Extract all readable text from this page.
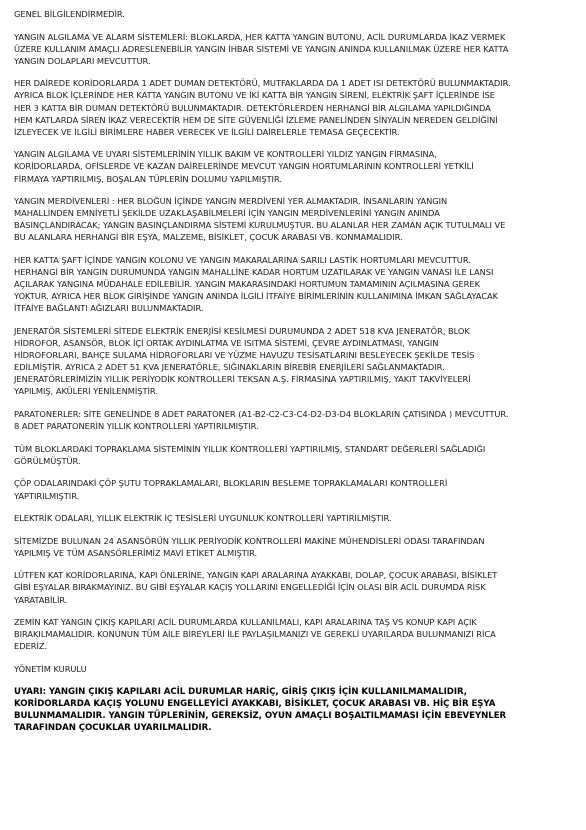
GENEL BİLGİLENDİRMEDİR.

YANGIN ALGILAMA VE ALARM SİSTEMLERİ: BLOKLARDA, HER KATTA YANGIN BUTONU, ACİL DURUMLARDA İKAZ VERMEK
ÜZERE KULLANIM AMAÇLI ADRESLENEBİLİR YANGIN İHBAR SİSTEMİ VE YANGIN ANINDA KULLANILMAK ÜZERE HER KATTA
YANGIN DOLAPLARI MEVCUTTUR.

HER DAİREDE KORİDORLARDA 1 ADET DUMAN DETEKTÖRÜ, MUTFAKLARDA DA 1 ADET ISI DETEKTÖRÜ BULUNMAKTADIR.
AYRICA BLOK İÇLERİNDE HER KATTA YANGIN BUTONU VE İKİ KATTA BİR YANGIN SİRENİ, ELEKTRİK ŞAFT İÇLERİNDE İSE
HER 3 KATTA BİR DUMAN DETEKTÖRÜ BULUNMAKTADIR. DETEKTÖRLERDEN HERHANGİ BİR ALGILAMA YAPILDIĞINDA
HEM KATLARDA SİREN İKAZ VERECEKTİR HEM DE SİTE GÜVENLİĞİ İZLEME PANELİNDEN SİNYALİN NEREDEN GELDİĞİNİ
İZLEYECEK VE İLGİLİ BİRİMLERE HABER VERECEK VE İLGİLİ DAİRELERLE TEMASA GEÇECEKTİR.

YANGIN ALGILAMA VE UYARI SİSTEMLERİNİN YILLIK BAKIM VE KONTROLLERİ YILDIZ YANGIN FİRMASINA,
KORİDORLARDA, OFİSLERDE VE KAZAN DAİRELERİNDE MEVCUT YANGIN HORTUMLARININ KONTROLLERİ YETKİLİ
FİRMAYA YAPTIRILMIŞ, BOŞALAN TÜPLERİN DOLUMU YAPILMIŞTIR.

YANGIN MERDİVENLERİ : HER BLOĞUN İÇİNDE YANGIN MERDİVENİ YER ALMAKTADIR. İNSANLARIN YANGIN
MAHALLİNDEN EMNİYETLİ ŞEKİLDE UZAKLAŞABİLMELERİ İÇİN YANGIN MERDİVENLERİNİ YANGIN ANINDA
BASINÇLANDIRACAK; YANGIN BASINÇLANDIRMA SİSTEMİ KURULMUŞTUR. BU ALANLAR HER ZAMAN AÇIK TUTULMALI VE
BU ALANLARA HERHANGİ BİR EŞYA, MALZEME, BİSİKLET, ÇOCUK ARABASI VB. KONMAMALIDIR.

HER KATTA ŞAFT İÇİNDE YANGIN KOLONU VE YANGIN MAKARALARINA SARILI LASTİK HORTUMLARI MEVCUTTUR.
HERHANGİ BİR YANGIN DURUMUNDA YANGIN MAHALLİNE KADAR HORTUM UZATILARAK VE YANGIN VANASI İLE LANSI
AÇILARAK YANGINA MÜDAHALE EDİLEBİLİR. YANGIN MAKARASINDAKİ HORTUMUN TAMAMININ AÇILMASINA GEREK
YOKTUR. AYRICA HER BLOK GİRİŞİNDE YANGIN ANINDA İLGİLİ İTFAİYE BİRİMLERİNİN KULLANIMINA İMKAN SAĞLAYACAK
İTFAİYE BAĞLANTI AĞIZLARI BULUNMAKTADIR.

JENERATÖR SİSTEMLERİ SİTEDE ELEKTRİK ENERJİSİ KESİLMESİ DURUMUNDA 2 ADET 518 KVA JENERATÖR, BLOK
HİDROFOR, ASANSÖR, BLOK İÇİ ORTAK AYDINLATMA VE ISITMA SİSTEMİ, ÇEVRE AYDINLATMASI, YANGIN
HİDROFORLARI, BAHÇE SULAMA HİDROFORLARI VE YÜZME HAVUZU TESİSATLARINI BESLEYECEK ŞEKİLDE TESİS
EDİLMİŞTİR. AYRICA 2 ADET 51 KVA JENERATÖRLE, SIĞINAKLARIN BİREBİR ENERJİLERİ SAĞLANMAKTADIR.
JENERATÖRLERİMİZİN YILLIK PERİYODİK KONTROLLERİ TEKSAN A.Ş. FİRMASINA YAPTIRILMIŞ, YAKIT TAKVİYELERİ
YAPILMIŞ, AKÜLERİ YENİLENMİŞTİR.

PARATONERLER: SİTE GENELİNDE 8 ADET PARATONER (A1-B2-C2-C3-C4-D2-D3-D4 BLOKLARIN ÇATISINDA ) MEVCUTTUR.
8 ADET PARATONERİN YILLIK KONTROLLERİ YAPTIRILMIŞTIR.

TÜM BLOKLARDAKİ TOPRAKLAMA SİSTEMİNİN YILLIK KONTROLLERİ YAPTIRILMIŞ, STANDART DEĞERLERİ SAĞLADIĞI
GÖRÜLMÜŞTÜR.

ÇÖP ODALARINDAKİ ÇÖP ŞUTU TOPRAKLAMALARI, BLOKLARIN BESLEME TOPRAKLAMALARI KONTROLLERİ
YAPTIRILMIŞTIR.

ELEKTRİK ODALARI, YILLIK ELEKTRİK İÇ TESİSLERİ UYGUNLUK KONTROLLERİ YAPTIRILMIŞTIR.

SİTEMİZDE BULUNAN 24 ASANSÖRÜN YILLIK PERİYODİK KONTROLLERİ MAKİNE MÜHENDİSLERİ ODASI TARAFINDAN
YAPILMIŞ VE TÜM ASANSÖRLERİMİZ MAVİ ETİKET ALMIŞTIR.

LÜTFEN KAT KORİDORLARINA, KAPI ÖNLERİNE, YANGIN KAPI ARALARINA AYAKKABI, DOLAP, ÇOCUK ARABASI, BİSİKLET
GİBİ EŞYALAR BIRAKMAYINIZ. BU GİBİ EŞYALAR KAÇIŞ YOLLARINI ENGELLEDİĞİ İÇİN OLASI BİR ACİL DURUMDA RİSK
YARATABİLİR.

ZEMİN KAT YANGIN ÇIKIŞ KAPILARI ACİL DURUMLARDA KULLANILMALI, KAPI ARALARINA TAŞ VS KONUP KAPI AÇIK
BIRAKILMAMALIDIR. KONUNUN TÜM AİLE BİREYLERİ İLE PAYLAŞILMANIZI VE GEREKLİ UYARILARDA BULUNMANIZI RİCA
EDERİZ.

YÖNETİM KURULU

UYARI: YANGIN ÇIKIŞ KAPILARI ACİL DURUMLAR HARİÇ, GİRİŞ ÇIKIŞ İÇİN KULLANILMAMALIDIR,
KORİDORLARDA KAÇIŞ YOLUNU ENGELLEYİCİ AYAKKABI, BİSİKLET, ÇOCUK ARABASI VB. HİÇ BİR EŞYA
BULUNMAMALIDIR. YANGIN TÜPLERİNİN, GEREKSİZ, OYUN AMAÇLI BOŞALTILMAMASI İÇİN EBEVEYNLER
TARAFINDAN ÇOCUKLAR UYARILMALIDIR.
